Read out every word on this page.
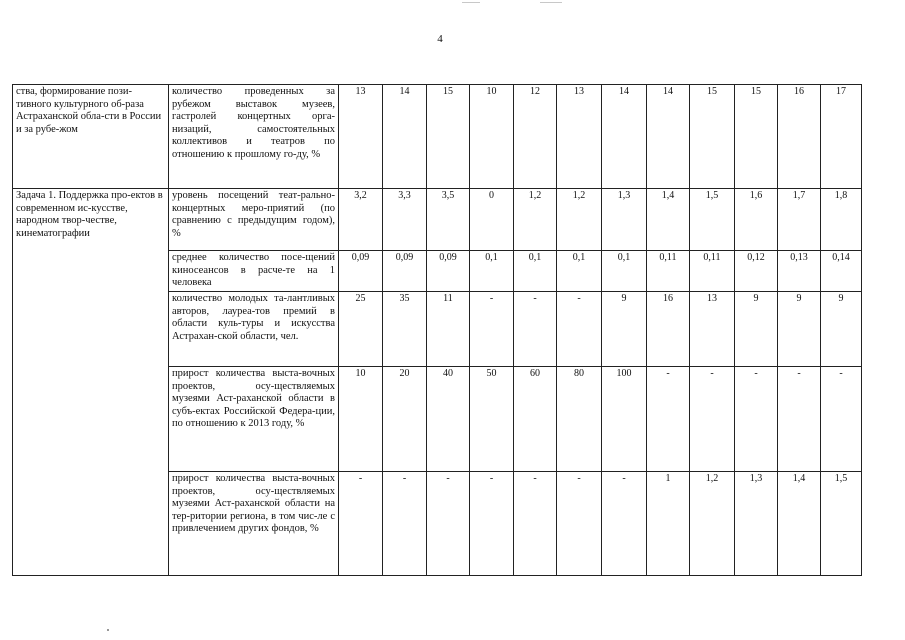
4
ства, формирование пози-тивного культурного об-раза Астраханской обла-сти в России и за рубе-жом	количество проведенных за рубежом выставок музеев, гастролей концертных орга-низаций, самостоятельных коллективов и театров по отношению к прошлому го-ду, %	13	14	15	10	12	13	14	14	15	15	16	17
Задача 1. Поддержка про-ектов в современном ис-кусстве, народном твор-честве, кинематографии	уровень посещений теат-рально-концертных меро-приятий (по сравнению с предыдущим годом), %	3,2	3,3	3,5	0	1,2	1,2	1,3	1,4	1,5	1,6	1,7	1,8
	среднее количество посе-щений киносеансов в расче-те на 1 человека	0,09	0,09	0,09	0,1	0,1	0,1	0,1	0,11	0,11	0,12	0,13	0,14
	количество молодых та-лантливых авторов, лауреа-тов премий в области куль-туры и искусства Астрахан-ской области, чел.	25	35	11	-	-	-	9	16	13	9	9	9
	прирост количества выста-вочных проектов, осу-ществляемых музеями Аст-раханской области в субъ-ектах Российской Федера-ции, по отношению к 2013 году, %	10	20	40	50	60	80	100	-	-	-	-	-
	прирост количества выста-вочных проектов, осу-ществляемых музеями Аст-раханской области на тер-ритории региона, в том чис-ле с привлечением других фондов, %	-	-	-	-	-	-	-	1	1,2	1,3	1,4	1,5
